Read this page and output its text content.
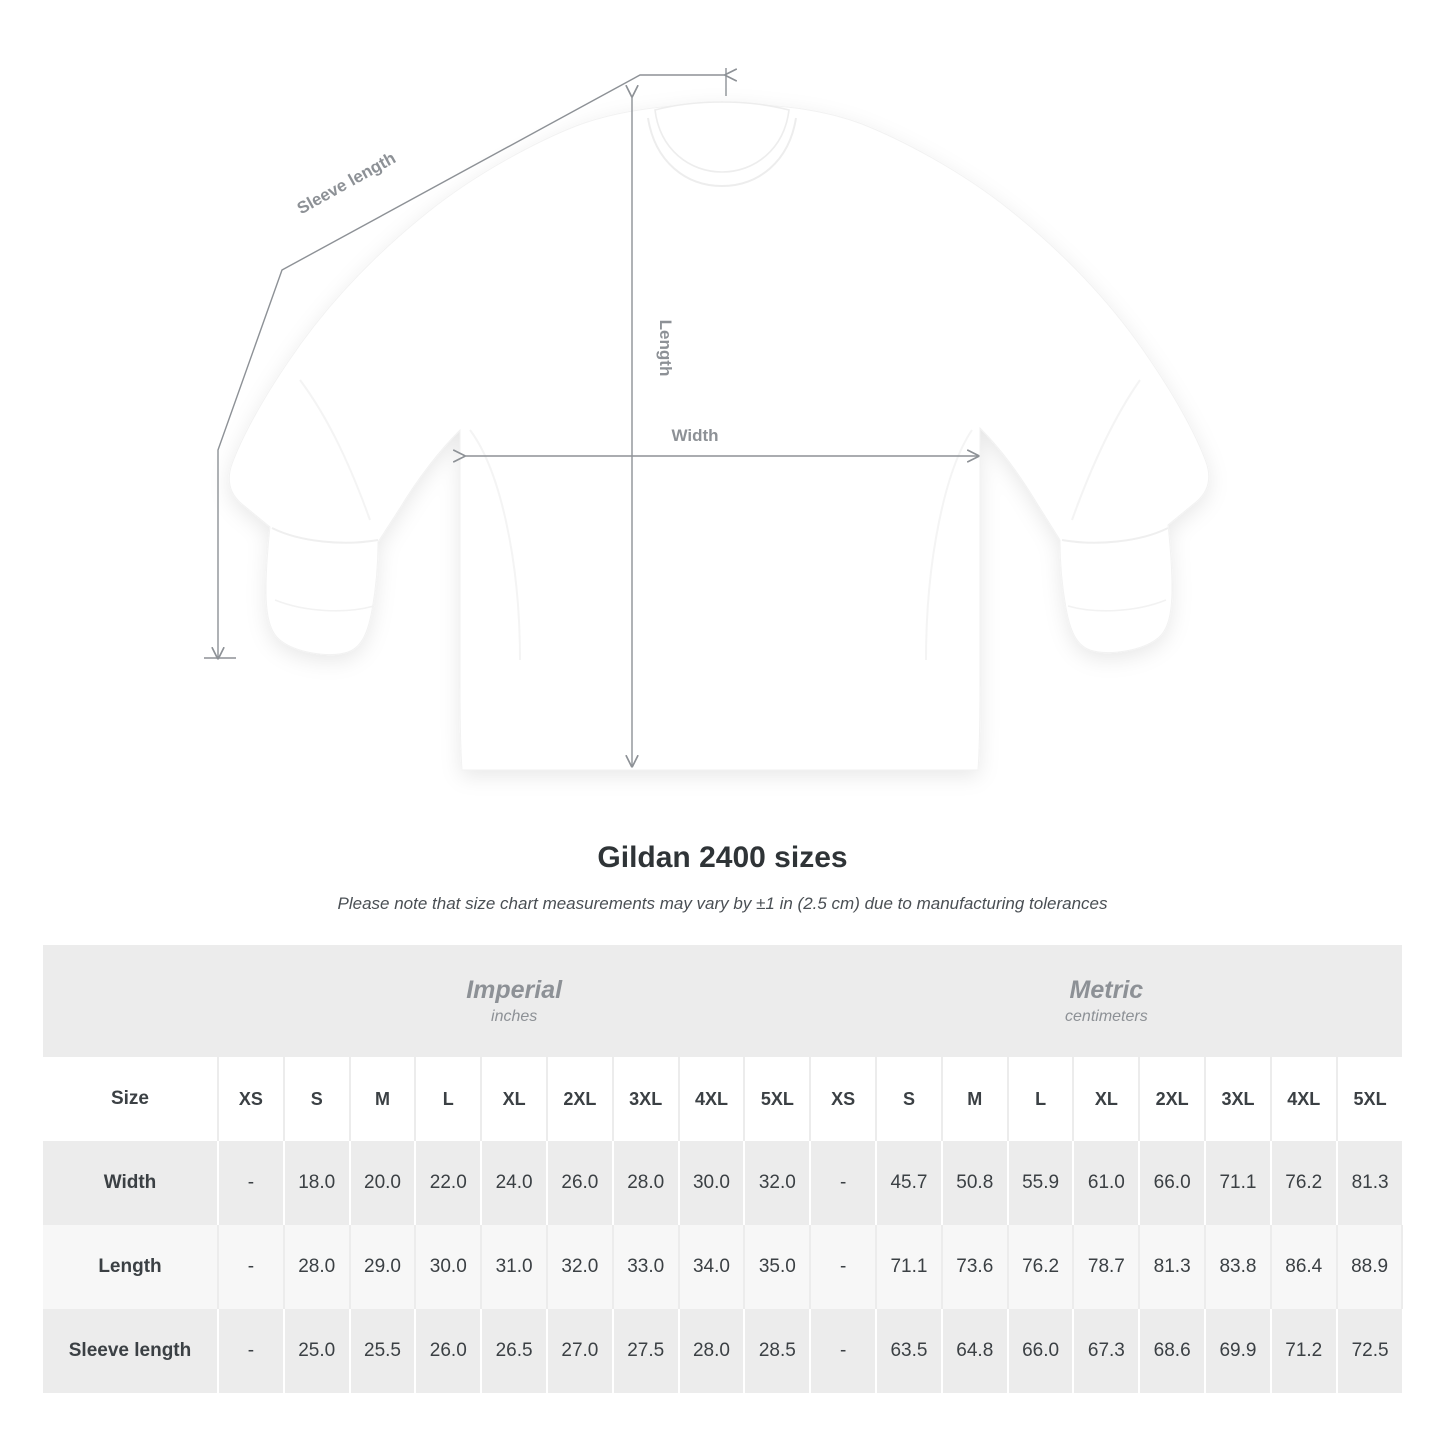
Sleeve length
Length
Width
Gildan 2400 sizes
Please note that size chart measurements may vary by ±1 in (2.5 cm) due to manufacturing tolerances

Imperial
inches

Metric
centimeters

Size	XS	S	M	L	XL	2XL	3XL	4XL	5XL	XS	S	M	L	XL	2XL	3XL	4XL	5XL
Width	-	18.0	20.0	22.0	24.0	26.0	28.0	30.0	32.0	-	45.7	50.8	55.9	61.0	66.0	71.1	76.2	81.3
Length	-	28.0	29.0	30.0	31.0	32.0	33.0	34.0	35.0	-	71.1	73.6	76.2	78.7	81.3	83.8	86.4	88.9
Sleeve length	-	25.0	25.5	26.0	26.5	27.0	27.5	28.0	28.5	-	63.5	64.8	66.0	67.3	68.6	69.9	71.2	72.5
